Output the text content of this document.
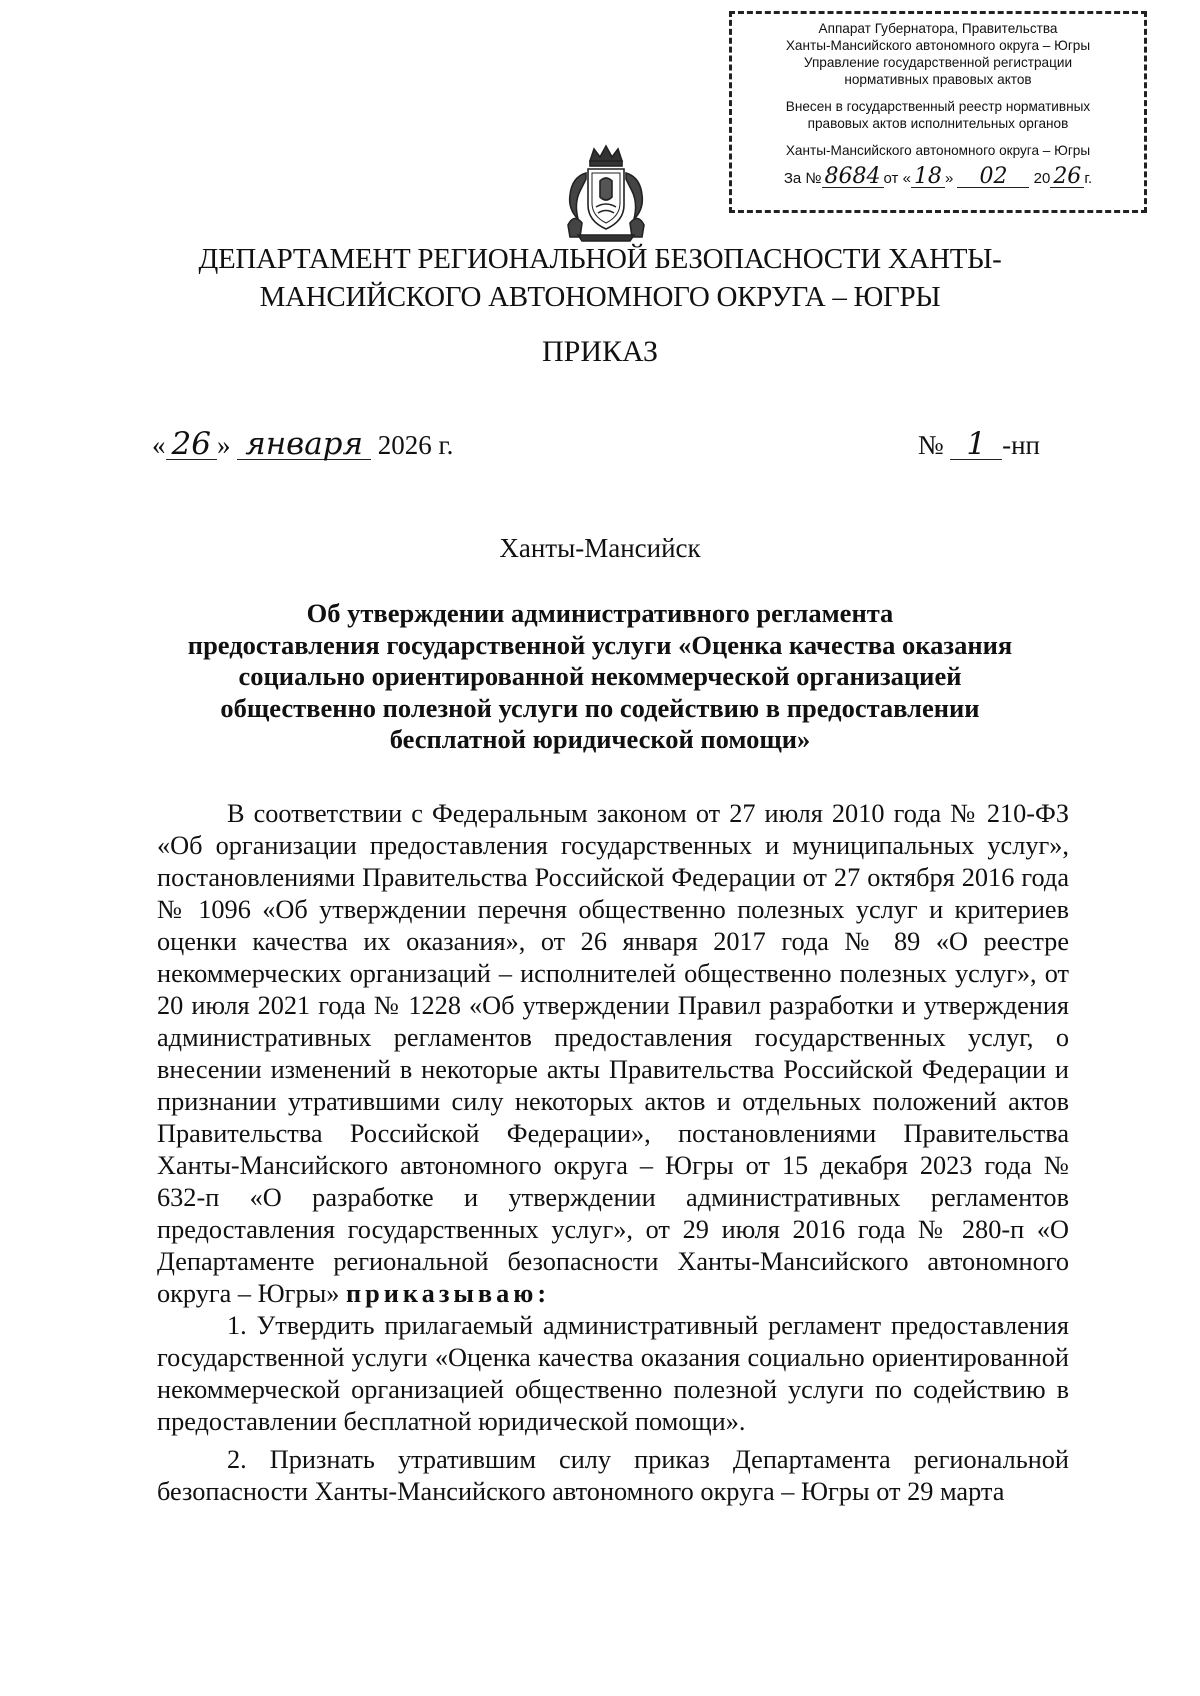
Аппарат Губернатора, Правительства
Ханты-Мансийского автономного округа – Югры
Управление государственной регистрации
нормативных правовых актов
Внесен в государственный реестр нормативных
правовых актов исполнительных органов
Ханты-Мансийского автономного округа – Югры
За № 8684 от « 18 » 02 20 26 г.
ДЕПАРТАМЕНТ РЕГИОНАЛЬНОЙ БЕЗОПАСНОСТИ ХАНТЫ-
МАНСИЙСКОГО АВТОНОМНОГО ОКРУГА – ЮГРЫ
ПРИКАЗ
« 26 » января 2026 г.	№ 1 -нп
Ханты-Мансийск
Об утверждении административного регламента
предоставления государственной услуги «Оценка качества оказания
социально ориентированной некоммерческой организацией
общественно полезной услуги по содействию в предоставлении
бесплатной юридической помощи»

В соответствии с Федеральным законом от 27 июля 2010 года № 210-ФЗ «Об организации предоставления государственных и муниципальных услуг», постановлениями Правительства Российской Федерации от 27 октября 2016 года № 1096 «Об утверждении перечня общественно полезных услуг и критериев оценки качества их оказания», от 26 января 2017 года № 89 «О реестре некоммерческих организаций – исполнителей общественно полезных услуг», от 20 июля 2021 года № 1228 «Об утверждении Правил разработки и утверждения административных регламентов предоставления государственных услуг, о внесении изменений в некоторые акты Правительства Российской Федерации и признании утратившими силу некоторых актов и отдельных положений актов Правительства Российской Федерации», постановлениями Правительства Ханты-Мансийского автономного округа – Югры от 15 декабря 2023 года № 632-п «О разработке и утверждении административных регламентов предоставления государственных услуг», от 29 июля 2016 года № 280-п «О Департаменте региональной безопасности Ханты-Мансийского автономного округа – Югры» приказываю:

1. Утвердить прилагаемый административный регламент предоставления государственной услуги «Оценка качества оказания социально ориентированной некоммерческой организацией общественно полезной услуги по содействию в предоставлении бесплатной юридической помощи».

2. Признать утратившим силу приказ Департамента региональной безопасности Ханты-Мансийского автономного округа – Югры от 29 марта
